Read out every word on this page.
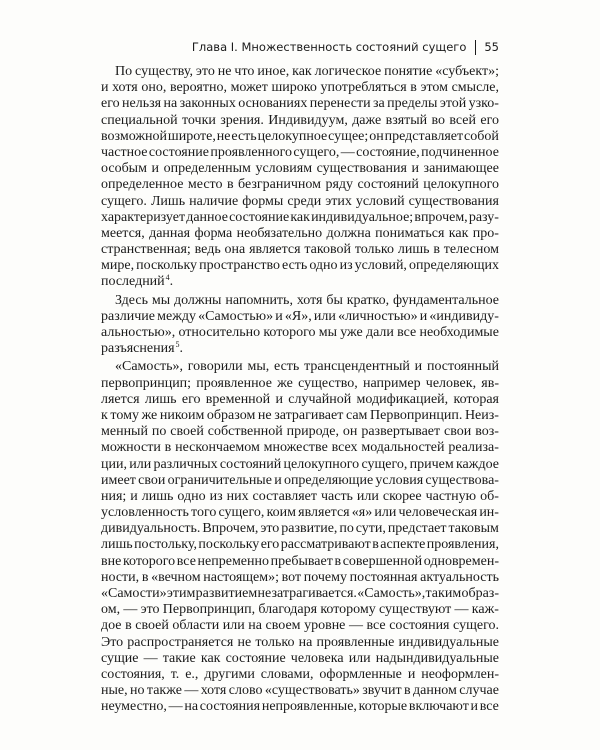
Глава I. Множественность состояний сущего 55
По существу, это не что иное, как логическое понятие «субъект»;
и хотя оно, вероятно, может широко употребляться в этом смысле,
его нельзя на законных основаниях перенести за пределы этой узко-
специальной точки зрения. Индивидуум, даже взятый во всей его
возможной широте, не есть целокупное сущее; он представляет собой
частное состояние проявленного сущего, — состояние, подчиненное
особым и определенным условиям существования и занимающее
определенное место в безграничном ряду состояний целокупного
сущего. Лишь наличие формы среди этих условий существования
характеризует данное состояние как индивидуальное; впрочем, разу-
меется, данная форма необязательно должна пониматься как про-
странственная; ведь она является таковой только лишь в телесном
мире, поскольку пространство есть одно из условий, определяющих
последний$^4$.
Здесь мы должны напомнить, хотя бы кратко, фундаментальное
различие между «Самостью» и «Я», или «личностью» и «индивиду-
альностью», относительно которого мы уже дали все необходимые
разъяснения$^5$.
«Самость», говорили мы, есть трансцендентный и постоянный
первопринцип; проявленное же существо, например человек, яв-
ляется лишь его временной и случайной модификацией, которая
к тому же никоим образом не затрагивает сам Первопринцип. Неиз-
менный по своей собственной природе, он развертывает свои воз-
можности в нескончаемом множестве всех модальностей реализа-
ции, или различных состояний целокупного сущего, причем каждое
имеет свои ограничительные и определяющие условия существова-
ния; и лишь одно из них составляет часть или скорее частную об-
условленность того сущего, коим является «я» или человеческая ин-
дивидуальность. Впрочем, это развитие, по сути, предстает таковым
лишь постольку, поскольку его рассматривают в аспекте проявления,
вне которого все непременно пребывает в совершенной одновремен-
ности, в «вечном настоящем»; вот почему постоянная актуальность
«Самости» этим развитием не затрагивается. «Самость», таким образ-
ом, — это Первопринцип, благодаря которому существуют — каж-
дое в своей области или на своем уровне — все состояния сущего.
Это распространяется не только на проявленные индивидуальные
сущие — такие как состояние человека или надындивидуальные
состояния, т. е., другими словами, оформленные и неоформлен-
ные, но также — хотя слово «существовать» звучит в данном случае
неуместно, — на состояния непроявленные, которые включают и все
